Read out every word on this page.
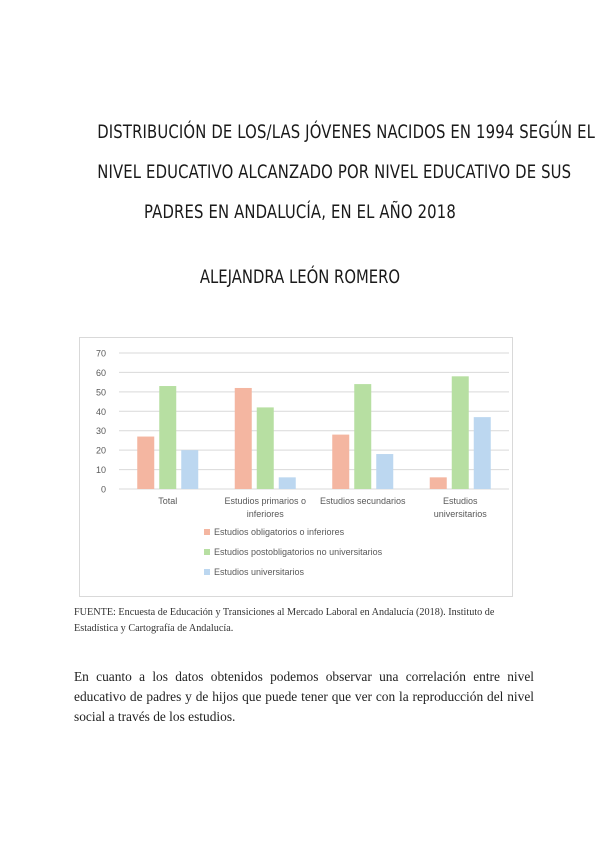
DISTRIBUCIÓN DE LOS/LAS JÓVENES NACIDOS EN 1994 SEGÚN EL
NIVEL EDUCATIVO ALCANZADO POR NIVEL EDUCATIVO DE SUS
PADRES EN ANDALUCÍA, EN EL AÑO 2018
ALEJANDRA LEÓN ROMERO
0
10
20
30
40
50
60
70
Total	Estudios primarios o
inferiores
Estudios secundarios	Estudios
universitarios
Estudios obligatorios o inferiores
Estudios postobligatorios no universitarios
Estudios universitarios
FUENTE: Encuesta de Educación y Transiciones al Mercado Laboral en Andalucía (2018). Instituto de Estadística y Cartografía de Andalucía.
En cuanto a los datos obtenidos podemos observar una correlación entre nivel educativo de padres y de hijos que puede tener que ver con la reproducción del nivel social a través de los estudios.
